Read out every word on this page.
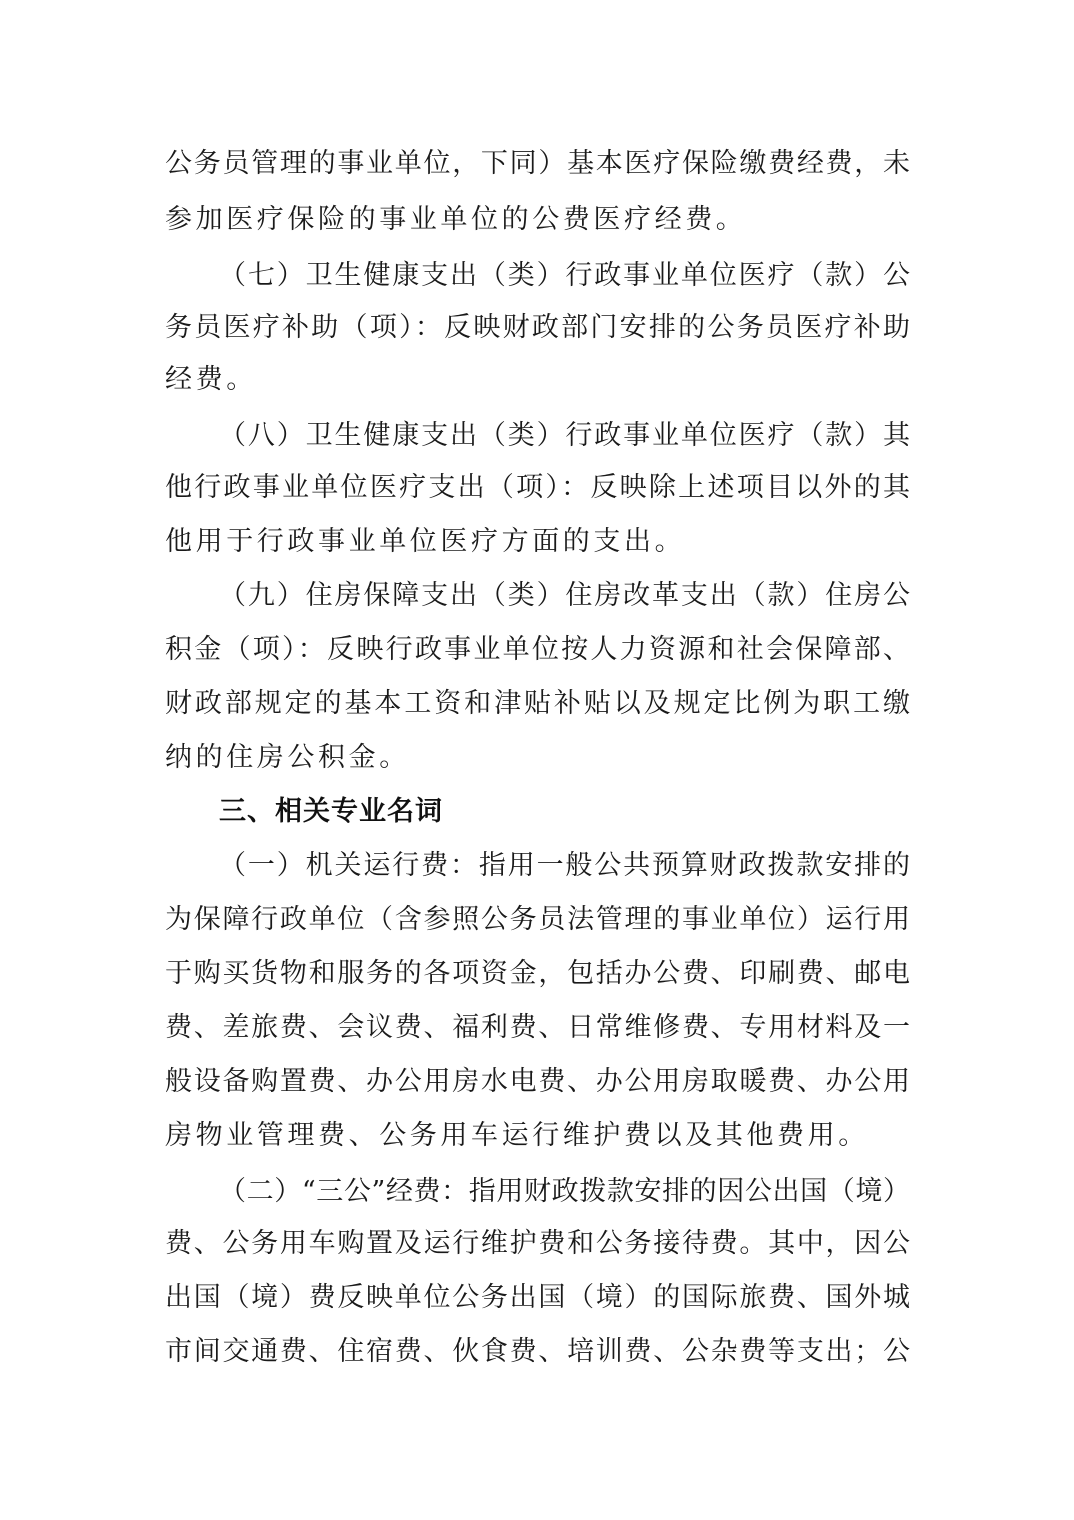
公务员管理的事业单位，下同）基本医疗保险缴费经费，未
参加医疗保险的事业单位的公费医疗经费。
（七）卫生健康支出（类）行政事业单位医疗（款）公
务员医疗补助（项）：反映财政部门安排的公务员医疗补助
经费。
（八）卫生健康支出（类）行政事业单位医疗（款）其
他行政事业单位医疗支出（项）：反映除上述项目以外的其
他用于行政事业单位医疗方面的支出。
（九）住房保障支出（类）住房改革支出（款）住房公
积金（项）：反映行政事业单位按人力资源和社会保障部、
财政部规定的基本工资和津贴补贴以及规定比例为职工缴
纳的住房公积金。
三、相关专业名词
（一）机关运行费：指用一般公共预算财政拨款安排的
为保障行政单位（含参照公务员法管理的事业单位）运行用
于购买货物和服务的各项资金，包括办公费、印刷费、邮电
费、差旅费、会议费、福利费、日常维修费、专用材料及一
般设备购置费、办公用房水电费、办公用房取暖费、办公用
房物业管理费、公务用车运行维护费以及其他费用。
（二）“三公”经费：指用财政拨款安排的因公出国（境）
费、公务用车购置及运行维护费和公务接待费。其中，因公
出国（境）费反映单位公务出国（境）的国际旅费、国外城
市间交通费、住宿费、伙食费、培训费、公杂费等支出；公
